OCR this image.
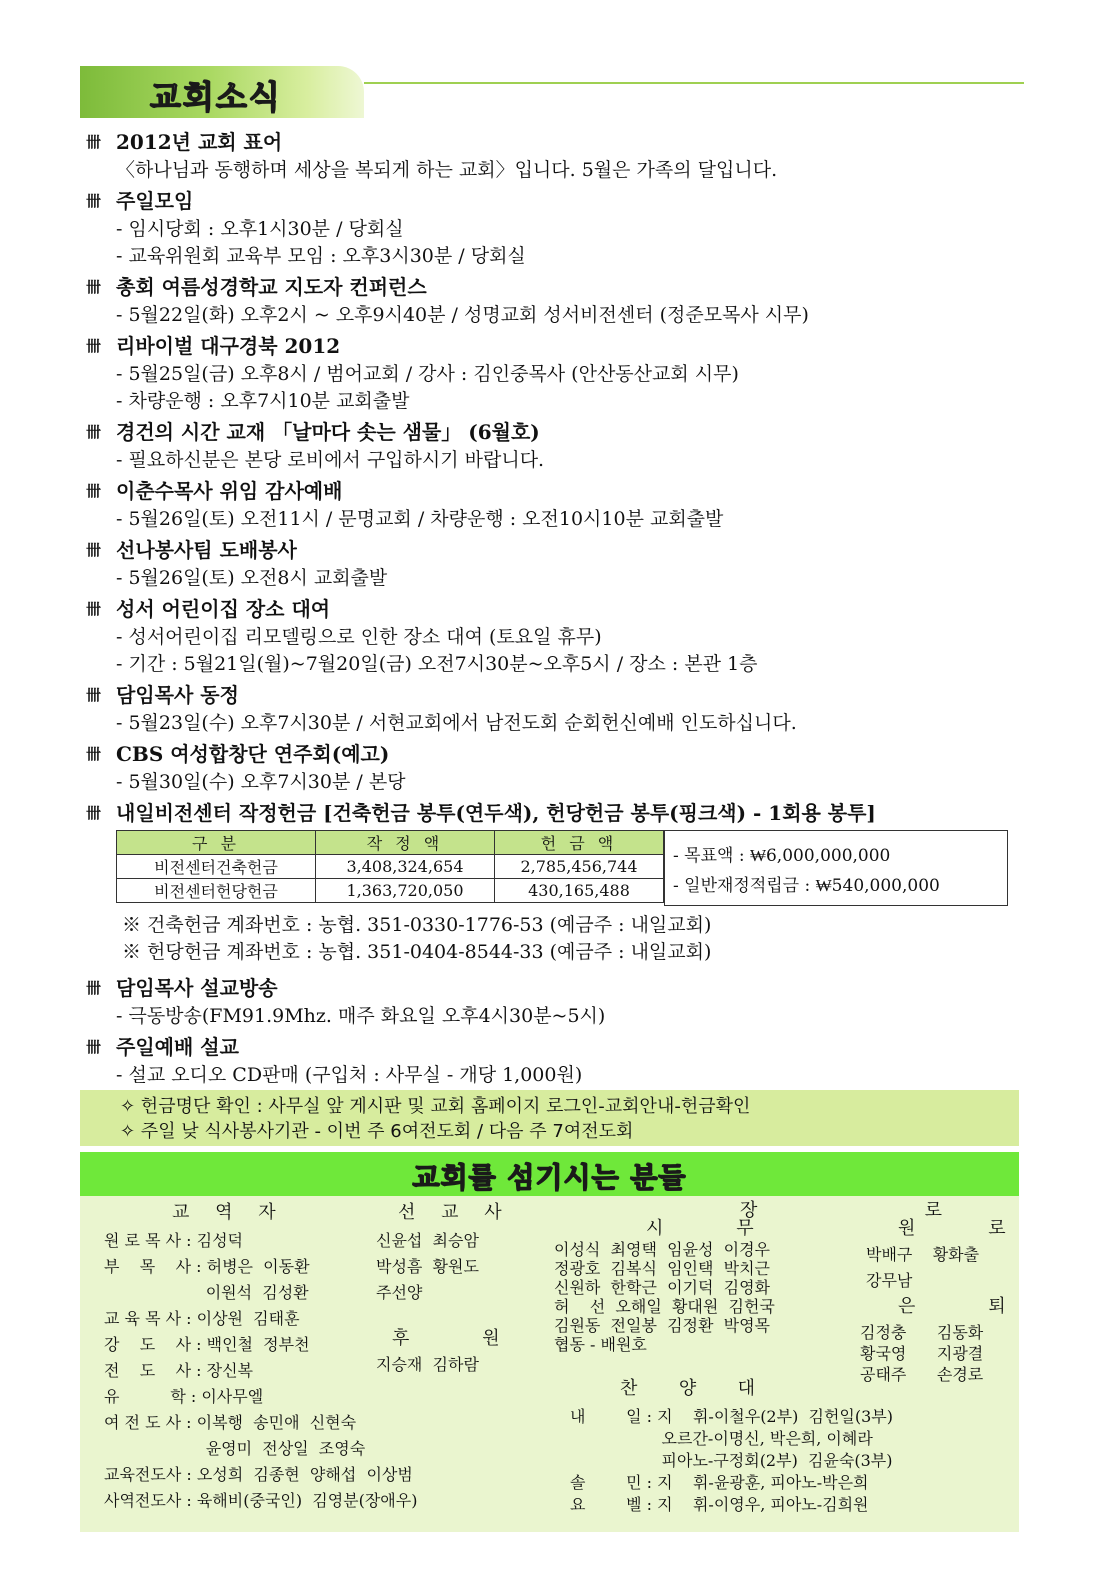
교회소식
卌 2012년 교회 표어

〈하나님과 동행하며 세상을 복되게 하는 교회〉입니다. 5월은 가족의 달입니다.

卌 주일모임

- 임시당회 : 오후1시30분 / 당회실

- 교육위원회 교육부 모임 : 오후3시30분 / 당회실

卌 총회 여름성경학교 지도자 컨퍼런스

- 5월22일(화) 오후2시 ~ 오후9시40분 / 성명교회 성서비전센터 (정준모목사 시무)

卌 리바이벌 대구경북 2012

- 5월25일(금) 오후8시 / 범어교회 / 강사 : 김인중목사 (안산동산교회 시무)

- 차량운행 : 오후7시10분 교회출발

卌 경건의 시간 교재 「날마다 솟는 샘물」 (6월호)

- 필요하신분은 본당 로비에서 구입하시기 바랍니다.

卌 이춘수목사 위임 감사예배

- 5월26일(토) 오전11시 / 문명교회 / 차량운행 : 오전10시10분 교회출발

卌 선나봉사팀 도배봉사

- 5월26일(토) 오전8시 교회출발

卌 성서 어린이집 장소 대여

- 성서어린이집 리모델링으로 인한 장소 대여 (토요일 휴무)

- 기간 : 5월21일(월)~7월20일(금) 오전7시30분~오후5시 / 장소 : 본관 1층

卌 담임목사 동정

- 5월23일(수) 오후7시30분 / 서현교회에서 남전도회 순회헌신예배 인도하십니다.

卌 CBS 여성합창단 연주회(예고)

- 5월30일(수) 오후7시30분 / 본당

卌 내일비전센터 작정헌금 [건축헌금 봉투(연두색), 헌당헌금 봉투(핑크색) - 1회용 봉투]
구 분	작 정 액	헌 금 액
비전센터건축헌금	3,408,324,654	2,785,456,744
비전센터헌당헌금	1,363,720,050	430,165,488
- 목표액 : ₩6,000,000,000
- 일반재정적립금 : ₩540,000,000
※ 건축헌금 계좌번호 : 농협. 351-0330-1776-53 (예금주 : 내일교회)
※ 헌당헌금 계좌번호 : 농협. 351-0404-8544-33 (예금주 : 내일교회)
卌 담임목사 설교방송

- 극동방송(FM91.9Mhz. 매주 화요일 오후4시30분~5시)

卌 주일예배 설교

- 설교 오디오 CD판매 (구입처 : 사무실 - 개당 1,000원)

✧ 헌금명단 확인 : 사무실 앞 게시판 및 교회 홈페이지 로그인-교회안내-헌금확인
✧ 주일 낮 식사봉사기관 - 이번 주 6여전도회 / 다음 주 7여전도회
교회를 섬기시는 분들
교 역 자
원 로 목 사 : 김성덕
부    목    사 : 허병은  이동환
이원석  김성환
교 육 목 사 : 이상원  김태훈
강    도    사 : 백인철  정부천
전    도    사 : 장신복
유          학 : 이사무엘
여 전 도 사 : 이복행  송민애  신현숙
윤영미  전상일  조영숙
교육전도사 : 오성희  김종현  양해섭  이상범
사역전도사 : 육해비(중국인)  김영분(장애우)
선 교 사
신윤섭  최승암
박성흠  황원도
주선양
후    원
지승재  김하람
장          로
시    무
이성식  최영택  임윤성  이경우
정광호  김복식  임인택  박치근
신원하  한학근  이기덕  김영화
허    선  오해일  황대원  김헌국
김원동  전일봉  김정환  박영목
협동 - 배원호
원    로
박배구    황화출
강무남
은    퇴
김정충      김동화
황국영      지광결
공태주      손경로
찬  양  대
내        일 : 지    휘-이철우(2부)  김헌일(3부)
오르간-이명신, 박은희, 이혜라
피아노-구정회(2부)  김윤숙(3부)
솔        민 : 지    휘-윤광훈, 피아노-박은희
요        벨 : 지    휘-이영우, 피아노-김희원
